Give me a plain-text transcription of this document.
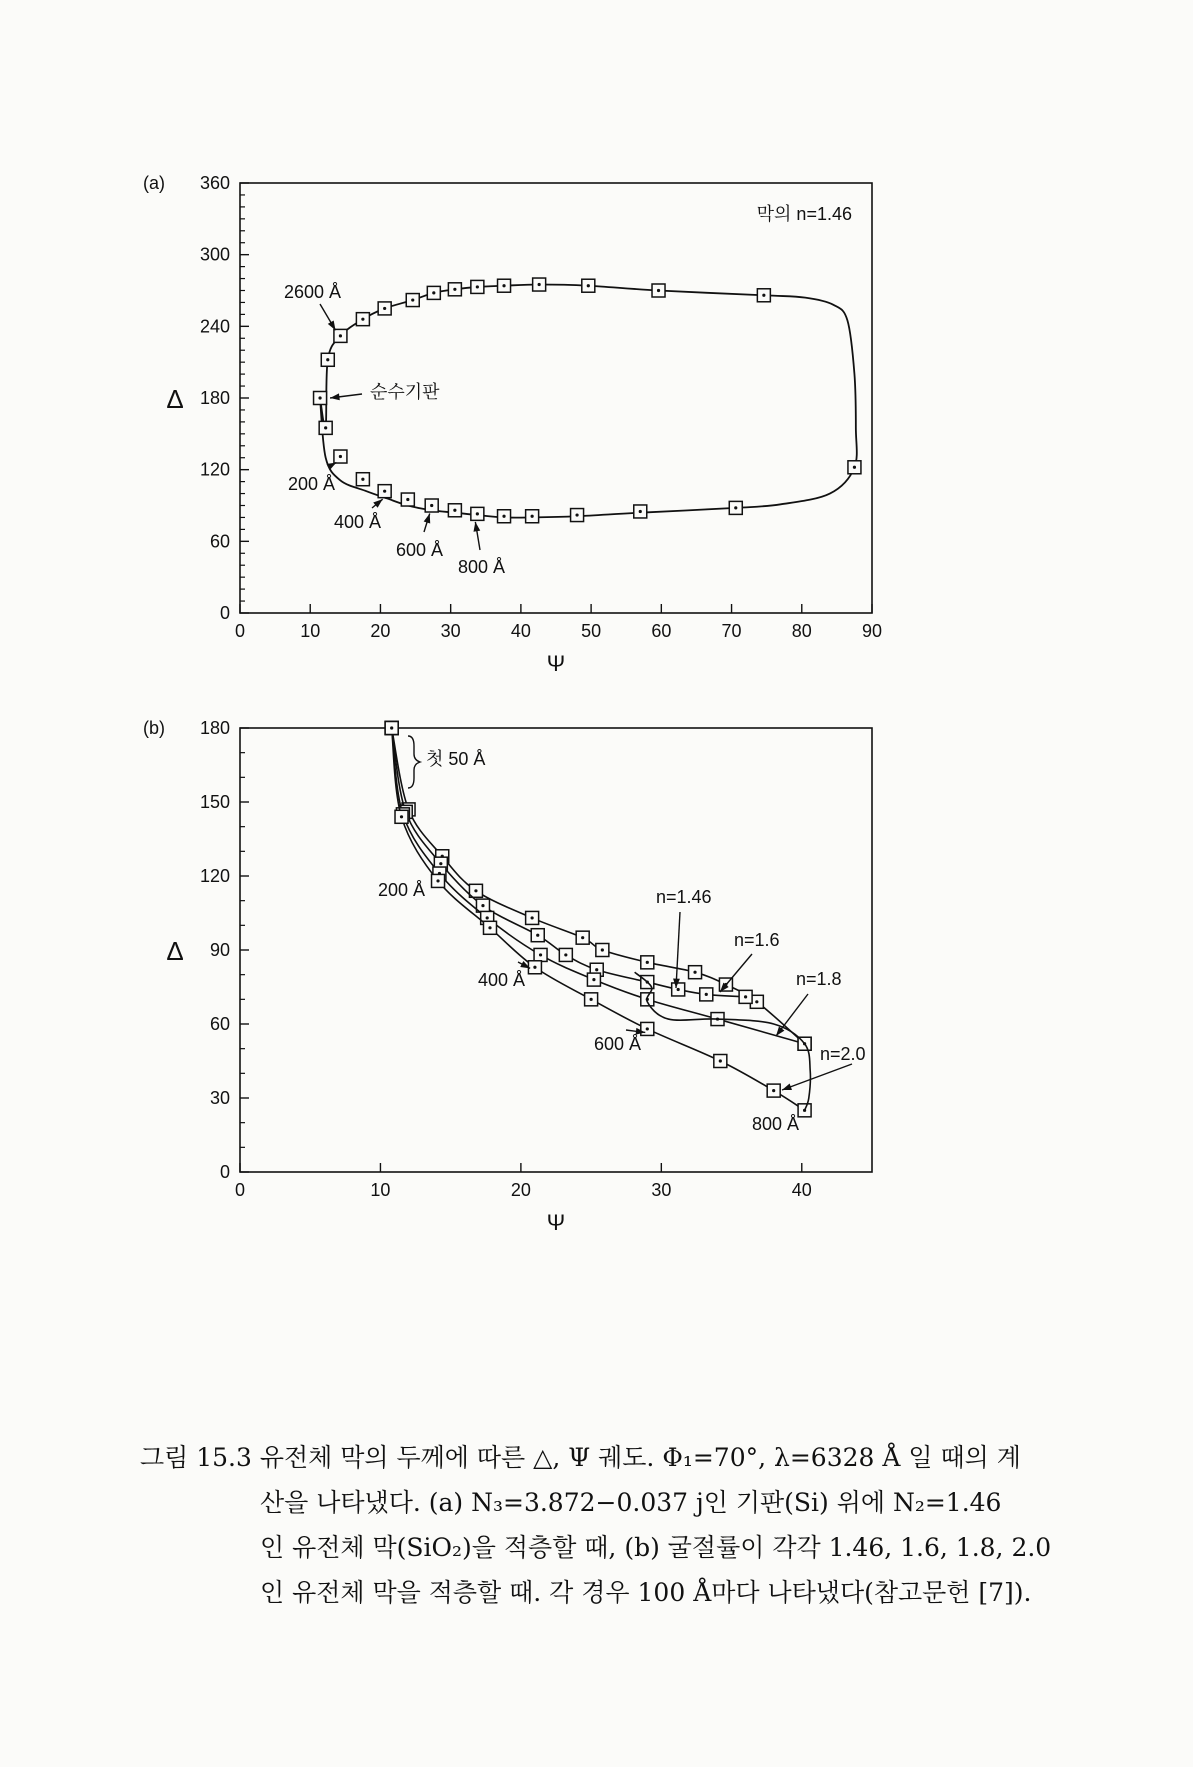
0	10	20	30	40	50	60	70	80	90
0
60
120
180
240
300
360
Ψ
Δ
(a)
막의 n=1.46
2600 Å
순수기판
200 Å
400 Å
600 Å
800 Å
0	10	20	30	40
0
30
60
90
120
150
180
Ψ
Δ
(b)
첫 50 Å
200 Å
400 Å
600 Å
800 Å
n=1.46
n=1.6
n=1.8
n=2.0
그림 15.3 유전체 막의 두께에 따른 △, Ψ 궤도. Φ₁=70°, λ=6328 Å 일 때의 계
산을 나타냈다. (a) N₃=3.872−0.037 j인 기판(Si) 위에 N₂=1.46
인 유전체 막(SiO₂)을 적층할 때, (b) 굴절률이 각각 1.46, 1.6, 1.8, 2.0
인 유전체 막을 적층할 때. 각 경우 100 Å마다 나타냈다(참고문헌 [7]).
